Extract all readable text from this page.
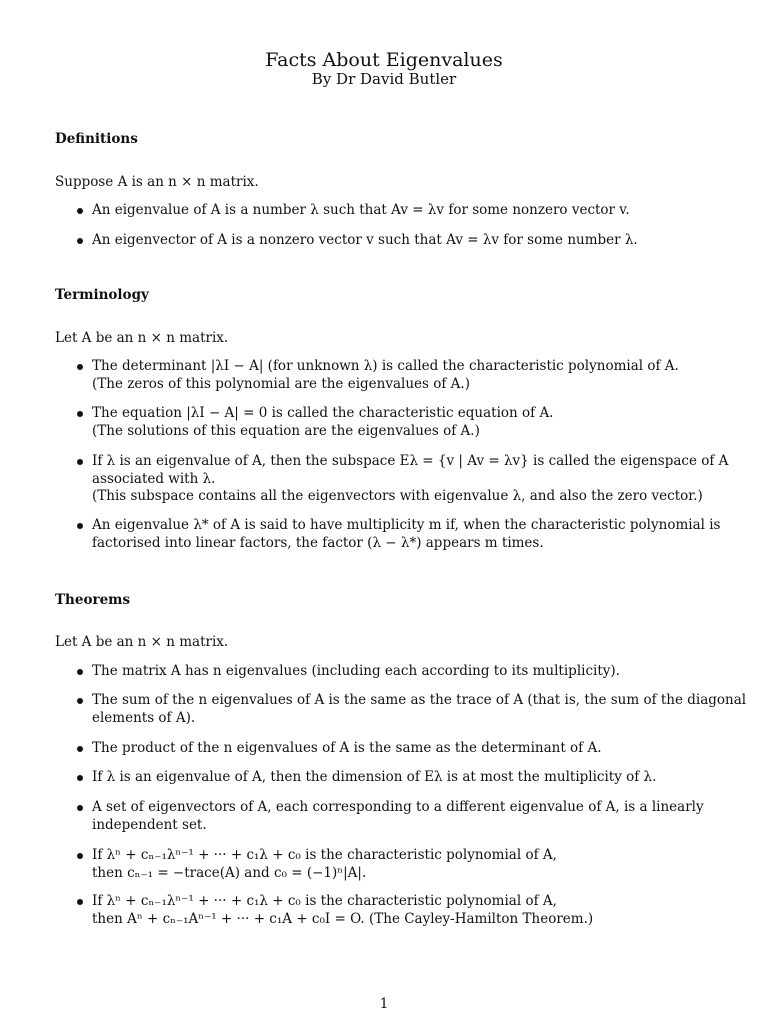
Facts About Eigenvalues
By Dr David Butler
Definitions
Suppose A is an n × n matrix.
An eigenvalue of A is a number λ such that Av = λv for some nonzero vector v.
An eigenvector of A is a nonzero vector v such that Av = λv for some number λ.
Terminology
Let A be an n × n matrix.
The determinant |λI − A| (for unknown λ) is called the characteristic polynomial of A.
(The zeros of this polynomial are the eigenvalues of A.)
The equation |λI − A| = 0 is called the characteristic equation of A.
(The solutions of this equation are the eigenvalues of A.)
If λ is an eigenvalue of A, then the subspace Eλ = {v | Av = λv} is called the eigenspace of A
associated with λ.
(This subspace contains all the eigenvectors with eigenvalue λ, and also the zero vector.)
An eigenvalue λ* of A is said to have multiplicity m if, when the characteristic polynomial is
factorised into linear factors, the factor (λ − λ*) appears m times.
Theorems
Let A be an n × n matrix.
The matrix A has n eigenvalues (including each according to its multiplicity).
The sum of the n eigenvalues of A is the same as the trace of A (that is, the sum of the diagonal
elements of A).
The product of the n eigenvalues of A is the same as the determinant of A.
If λ is an eigenvalue of A, then the dimension of Eλ is at most the multiplicity of λ.
A set of eigenvectors of A, each corresponding to a different eigenvalue of A, is a linearly
independent set.
If λⁿ + cₙ₋₁λⁿ⁻¹ + ··· + c₁λ + c₀ is the characteristic polynomial of A,
then cₙ₋₁ = −trace(A) and c₀ = (−1)ⁿ|A|.
If λⁿ + cₙ₋₁λⁿ⁻¹ + ··· + c₁λ + c₀ is the characteristic polynomial of A,
then Aⁿ + cₙ₋₁Aⁿ⁻¹ + ··· + c₁A + c₀I = O. (The Cayley-Hamilton Theorem.)
1
